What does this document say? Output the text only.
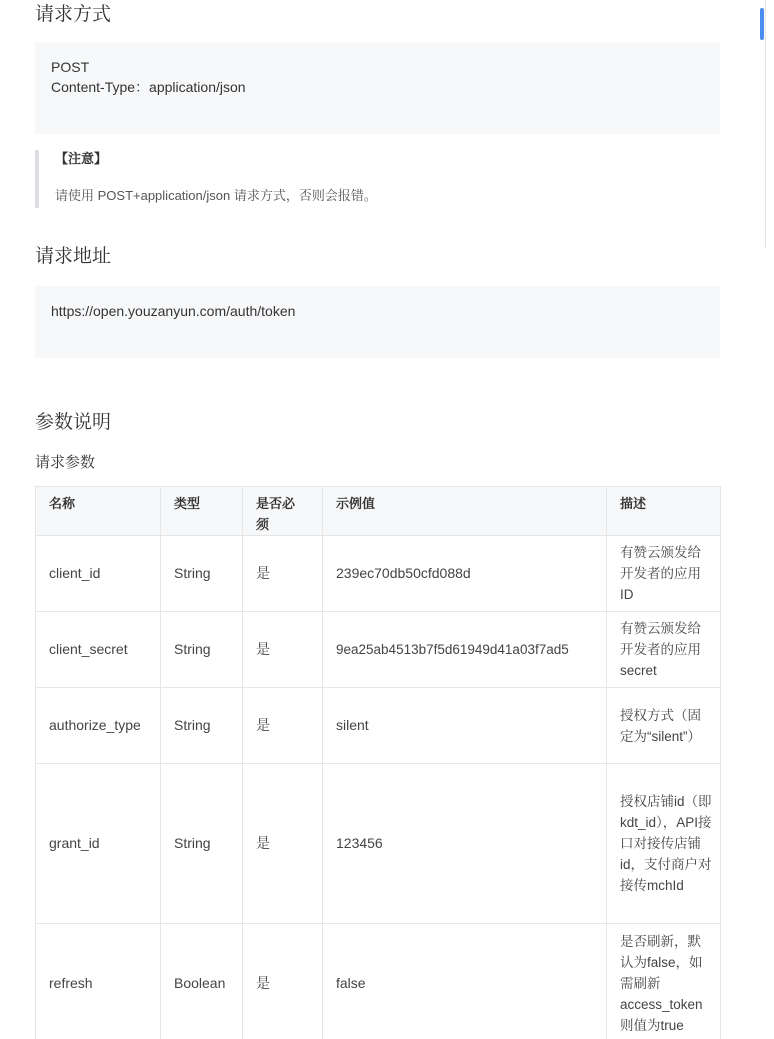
请求方式
POST
Content-Type：application/json
【注意】
请使用 POST+application/json 请求方式，否则会报错。
请求地址
https://open.youzanyun.com/auth/token
参数说明
请求参数
名称	类型	是否必须	示例值	描述
client_id	String	是	239ec70db50cfd088d	有赞云颁发给开发者的应用ID
client_secret	String	是	9ea25ab4513b7f5d61949d41a03f7ad5	有赞云颁发给开发者的应用secret
authorize_type	String	是	silent	授权方式（固定为“silent”）
grant_id	String	是	123456	授权店铺id（即kdt_id），API接口对接传店铺id，支付商户对接传mchId
refresh	Boolean	是	false	是否刷新，默认为false，如需刷新access_token则值为true
